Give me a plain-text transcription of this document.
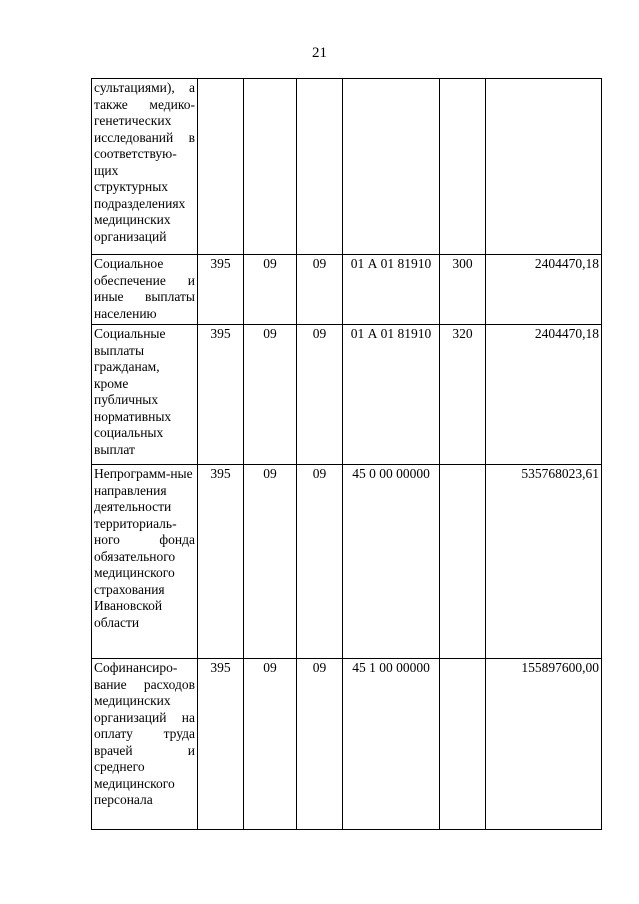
21
сультациями), а также медико-генетических исследований в соответствую-щих структурных подразделениях медицинских организаций						
Социальное обеспечение и иные выплаты населению	395	09	09	01 А 01 81910	300	2404470,18
Социальные выплаты гражданам, кроме публичных нормативных социальных выплат	395	09	09	01 А 01 81910	320	2404470,18
Непрограмм-ные направления деятельности территориаль-ного фонда обязательного медицинского страхования Ивановской области	395	09	09	45 0 00 00000		535768023,61
Софинансиро-вание расходов медицинских организаций на оплату труда врачей и среднего медицинского персонала	395	09	09	45 1 00 00000		155897600,00
